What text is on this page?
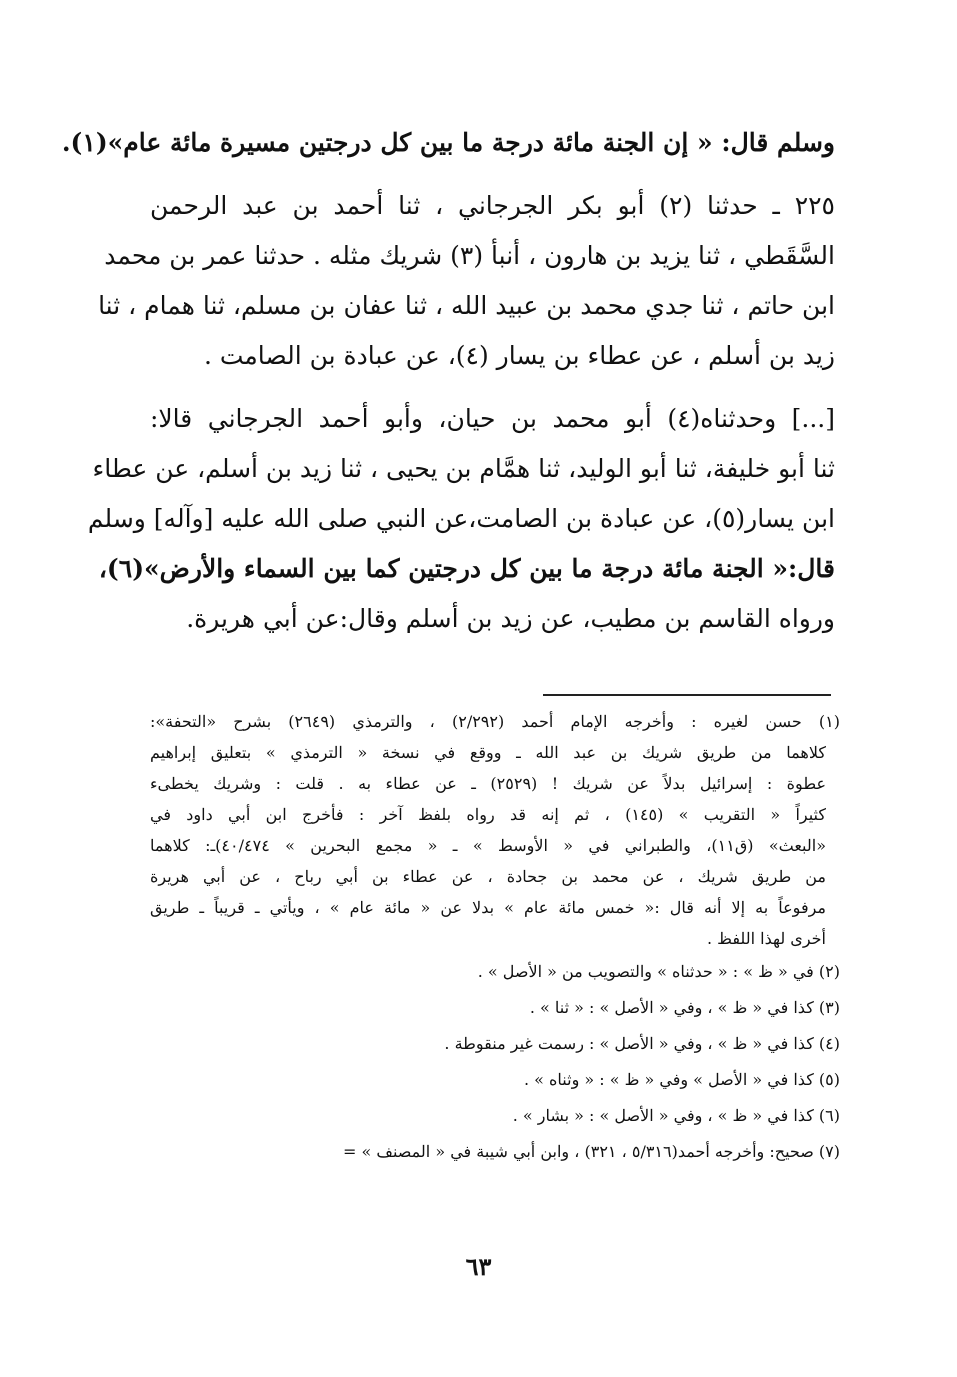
وسلم قال: « إن الجنة مائة درجة ما بين كل درجتين مسيرة مائة عام»(١).

٢٢٥ ـ حدثنا (٢) أبو بكر الجرجاني ، ثنا أحمد بن عبد الرحمن

السَّقَطي ، ثنا يزيد بن هارون ، أنبأ (٣) شريك مثله . حدثنا عمر بن محمد

ابن حاتم ، ثنا جدي محمد بن عبيد الله ، ثنا عفان بن مسلم، ثنا همام ، ثنا

زيد بن أسلم ، عن عطاء بن يسار (٤)، عن عبادة بن الصامت .

[...] وحدثناه(٤) أبو محمد بن حيان، وأبو أحمد الجرجاني قالا:

ثنا أبو خليفة، ثنا أبو الوليد، ثنا همَّام بن يحيى ، ثنا زيد بن أسلم، عن عطاء

ابن يسار(٥)، عن عبادة بن الصامت،عن النبي صلى الله عليه [وآله] وسلم

قال:« الجنة مائة درجة ما بين كل درجتين كما بين السماء والأرض»(٦)،

ورواه القاسم بن مطيب، عن زيد بن أسلم وقال:عن أبي هريرة.

(١) حسن لغيره : وأخرجه الإمام أحمد (٢/٢٩٢) ، والترمذي (٢٦٤٩) بشرح «التحفة»:

كلاهما من طريق شريك بن عبد الله ـ ووقع في نسخة « الترمذي » بتعليق إبراهيم

عطوة : إسرائيل بدلاً عن شريك ! (٢٥٢٩) ـ عن عطاء به . قلت : وشريك يخطىء

كثيراً « التقريب » (١٤٥) ، ثم إنه قد رواه بلفظ آخر : فأخرج ابن أبي داود في

«البعث» (ق١١)، والطبراني في « الأوسط » ـ « مجمع البحرين » ٤٠/٤٧٤)ـ: كلاهما

من طريق شريك ، عن محمد بن جحادة ، عن عطاء بن أبي رباح ، عن أبي هريرة

مرفوعاً به إلا أنه قال :« خمس مائة عام » بدلا عن « مائة عام » ، ويأتي ـ قريباً ـ طريق

أخرى لهذا اللفظ .

(٢) في « ظ » : « حدثناه » والتصويب من « الأصل » .

(٣) كذا في « ظ » ، وفي « الأصل » : « ثنا » .

(٤) كذا في « ظ » ، وفي « الأصل » : رسمت غير منقوطة .

(٥) كذا في « الأصل » وفي « ظ » : « وثناه » .

(٦) كذا في « ظ » ، وفي « الأصل » : « بشار » .

(٧) صحيح: وأخرجه أحمد(٥/٣١٦ ، ٣٢١) ، وابن أبي شيبة في « المصنف » =

٦٣
